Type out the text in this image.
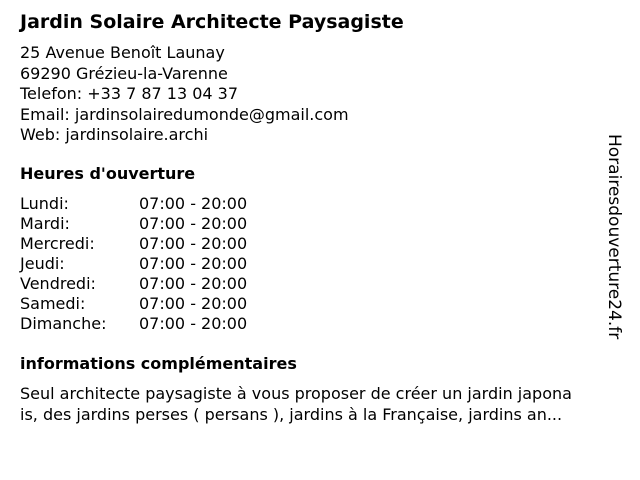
Jardin Solaire Architecte Paysagiste
25 Avenue Benoît Launay
69290 Grézieu-la-Varenne
Telefon: +33 7 87 13 04 37
Email: jardinsolairedumonde@gmail.com
Web: jardinsolaire.archi
Heures d'ouverture
Lundi:	07:00 - 20:00
Mardi:	07:00 - 20:00
Mercredi:	07:00 - 20:00
Jeudi:	07:00 - 20:00
Vendredi:	07:00 - 20:00
Samedi:	07:00 - 20:00
Dimanche: 07:00 - 20:00
informations complémentaires
Seul architecte paysagiste à vous proposer de créer un jardin japona
is, des jardins perses ( persans ), jardins à la Française, jardins an...
Horairesdouverture24.fr
